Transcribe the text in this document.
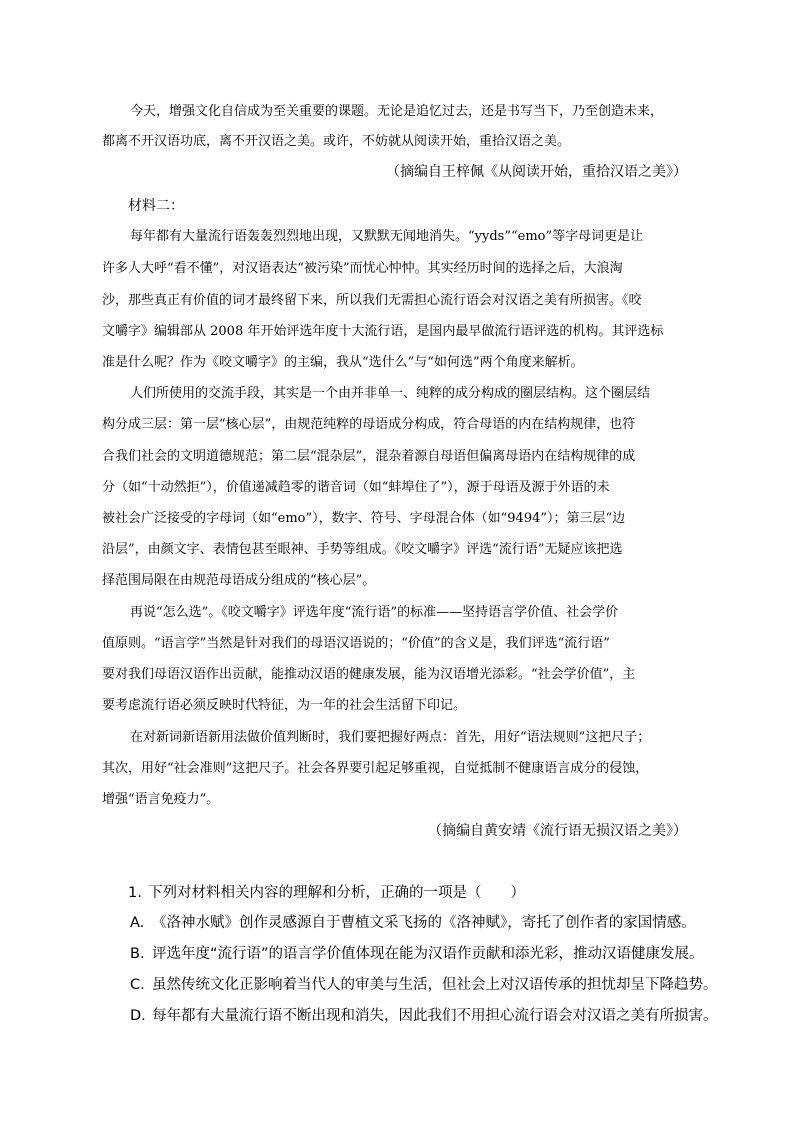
今天，增强文化自信成为至关重要的课题。无论是追忆过去，还是书写当下，乃至创造未来，
都离不开汉语功底，离不开汉语之美。或许，不妨就从阅读开始，重拾汉语之美。
（摘编自王梓佩《从阅读开始，重拾汉语之美》）
材料二：
每年都有大量流行语轰轰烈烈地出现，又默默无闻地消失。“yyds”“emo”等字母词更是让
许多人大呼“看不懂”，对汉语表达“被污染”而忧心忡忡。其实经历时间的选择之后，大浪淘
沙，那些真正有价值的词才最终留下来，所以我们无需担心流行语会对汉语之美有所损害。《咬
文嚼字》编辑部从 2008 年开始评选年度十大流行语，是国内最早做流行语评选的机构。其评选标
准是什么呢？作为《咬文嚼字》的主编，我从“选什么”与“如何选”两个角度来解析。
人们所使用的交流手段，其实是一个由并非单一、纯粹的成分构成的圈层结构。这个圈层结
构分成三层：第一层“核心层”，由规范纯粹的母语成分构成，符合母语的内在结构规律，也符
合我们社会的文明道德规范；第二层“混杂层”，混杂着源自母语但偏离母语内在结构规律的成
分（如“十动然拒”），价值递减趋零的谐音词（如“蚌埠住了”），源于母语及源于外语的未
被社会广泛接受的字母词（如“emo”），数字、符号、字母混合体（如“9494”）；第三层“边
沿层”，由颜文字、表情包甚至眼神、手势等组成。《咬文嚼字》评选“流行语”无疑应该把选
择范围局限在由规范母语成分组成的“核心层”。
再说“怎么选”。《咬文嚼字》评选年度“流行语”的标准——坚持语言学价值、社会学价
值原则。“语言学”当然是针对我们的母语汉语说的；“价值”的含义是，我们评选“流行语”
要对我们母语汉语作出贡献，能推动汉语的健康发展，能为汉语增光添彩。“社会学价值”，主
要考虑流行语必须反映时代特征，为一年的社会生活留下印记。
在对新词新语新用法做价值判断时，我们要把握好两点：首先，用好“语法规则”这把尺子；
其次，用好“社会准则”这把尺子。社会各界要引起足够重视，自觉抵制不健康语言成分的侵蚀，
增强“语言免疫力”。
（摘编自黄安靖《流行语无损汉语之美》）
1. 下列对材料相关内容的理解和分析，正确的一项是（　　）
A. 《洛神水赋》创作灵感源自于曹植文采飞扬的《洛神赋》，寄托了创作者的家国情感。
B. 评选年度“流行语”的语言学价值体现在能为汉语作贡献和添光彩，推动汉语健康发展。
C. 虽然传统文化正影响着当代人的审美与生活，但社会上对汉语传承的担忧却呈下降趋势。
D. 每年都有大量流行语不断出现和消失，因此我们不用担心流行语会对汉语之美有所损害。
